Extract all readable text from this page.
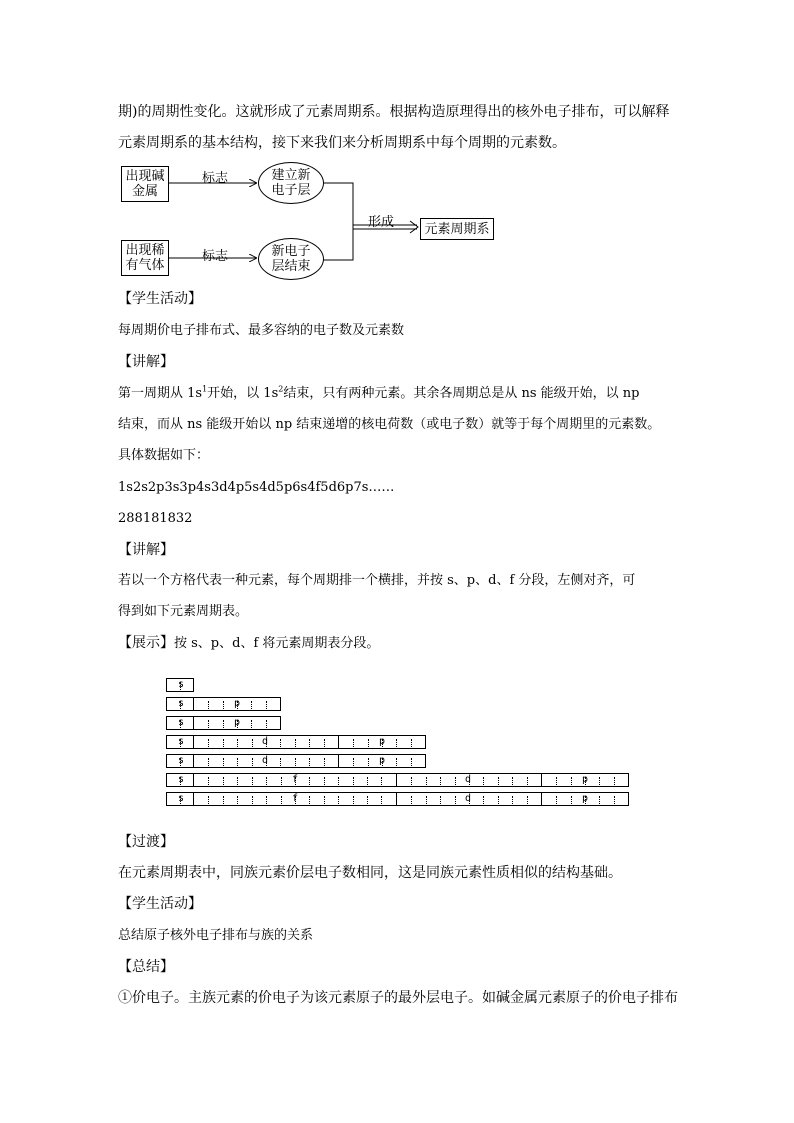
期)的周期性变化。这就形成了元素周期系。根据构造原理得出的核外电子排布，可以解释
元素周期系的基本结构，接下来我们来分析周期系中每个周期的元素数。
出现碱金属
出现稀有气体
建立新电子层
新电子层结束
标志
标志
形成 元素周期系
【学生活动】
每周期价电子排布式、最多容纳的电子数及元素数
【讲解】
第一周期从 $1s^1$开始，以 $1s^2$结束，只有两种元素。其余各周期总是从 ns 能级开始，以 np
结束，而从 ns 能级开始以 np 结束递增的核电荷数（或电子数）就等于每个周期里的元素数。
具体数据如下：
1s2s2p3s3p4s3d4p5s4d5p6s4f5d6p7s……
288181832
【讲解】
若以一个方格代表一种元素，每个周期排一个横排，并按 s、p、d、f 分段，左侧对齐，可
得到如下元素周期表。
【展示】按 s、p、d、f 将元素周期表分段。
s
s	p
s	p
s	d	p
s	d	p
s	f	d	p
s	f	d	p
【过渡】
在元素周期表中，同族元素价层电子数相同，这是同族元素性质相似的结构基础。
【学生活动】
总结原子核外电子排布与族的关系
【总结】
①价电子。主族元素的价电子为该元素原子的最外层电子。如碱金属元素原子的价电子排布
